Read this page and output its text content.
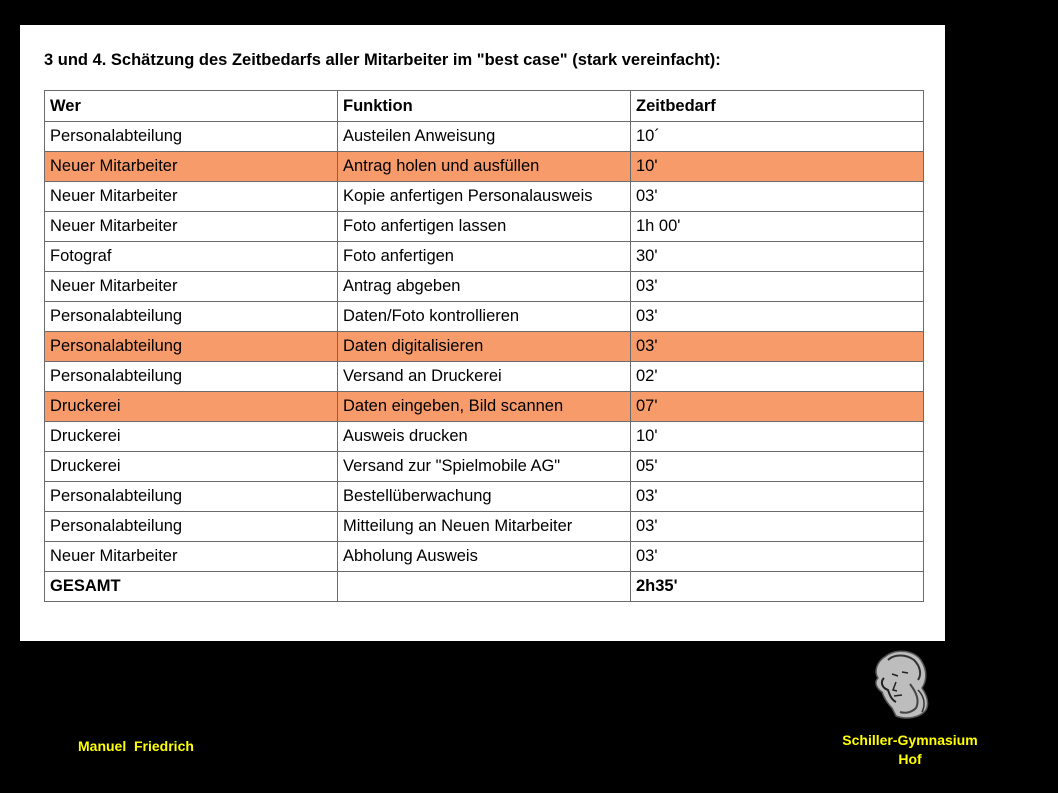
3 und 4. Schätzung des Zeitbedarfs aller Mitarbeiter im "best case" (stark vereinfacht):
Wer	Funktion	Zeitbedarf
Personalabteilung	Austeilen Anweisung	10´
Neuer Mitarbeiter	Antrag holen und ausfüllen	10'
Neuer Mitarbeiter	Kopie anfertigen Personalausweis	03'
Neuer Mitarbeiter	Foto anfertigen lassen	1h 00'
Fotograf	Foto anfertigen	30'
Neuer Mitarbeiter	Antrag abgeben	03'
Personalabteilung	Daten/Foto kontrollieren	03'
Personalabteilung	Daten digitalisieren	03'
Personalabteilung	Versand an Druckerei	02'
Druckerei	Daten eingeben, Bild scannen	07'
Druckerei	Ausweis drucken	10'
Druckerei	Versand zur "Spielmobile AG"	05'
Personalabteilung	Bestellüberwachung	03'
Personalabteilung	Mitteilung an Neuen Mitarbeiter	03'
Neuer Mitarbeiter	Abholung Ausweis	03'
GESAMT		2h35'
Manuel  Friedrich	Schiller-Gymnasium
Hof
